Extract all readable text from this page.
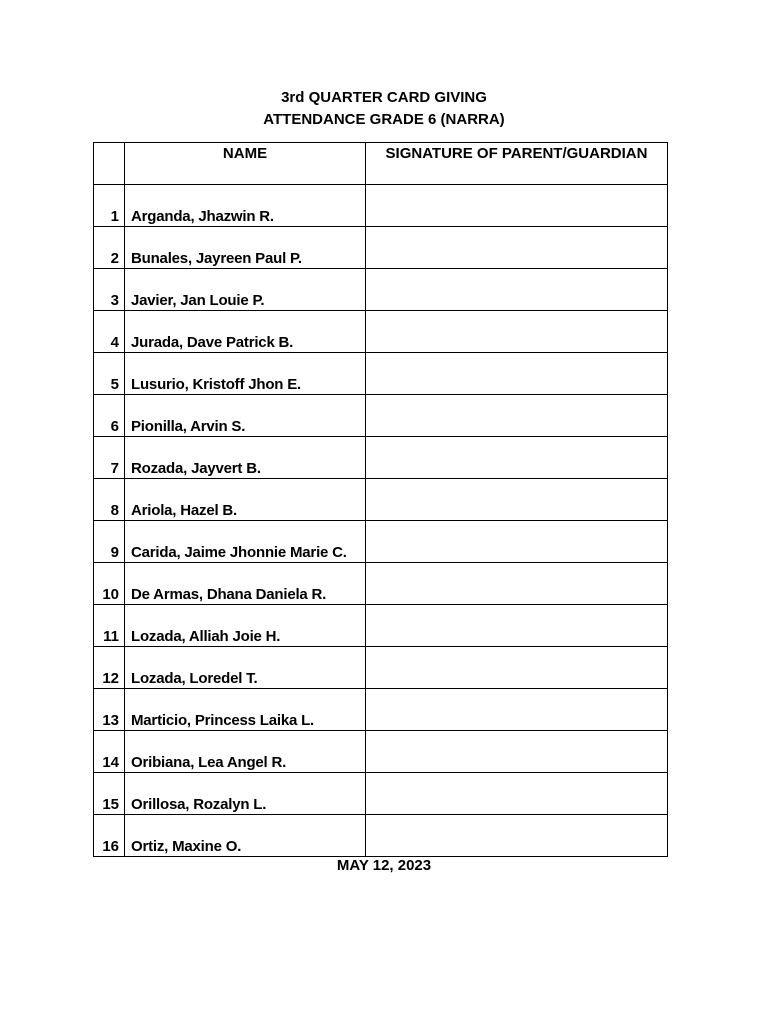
3rd QUARTER CARD GIVING
ATTENDANCE GRADE 6 (NARRA)
	NAME	SIGNATURE OF PARENT/GUARDIAN
1	Arganda, Jhazwin R.	
2	Bunales, Jayreen Paul P.	
3	Javier, Jan Louie P.	
4	Jurada, Dave Patrick B.	
5	Lusurio, Kristoff Jhon E.	
6	Pionilla, Arvin S.	
7	Rozada, Jayvert B.	
8	Ariola, Hazel B.	
9	Carida, Jaime Jhonnie Marie C.	
10	De Armas, Dhana Daniela R.	
11	Lozada, Alliah Joie H.	
12	Lozada, Loredel T.	
13	Marticio, Princess Laika L.	
14	Oribiana, Lea Angel R.	
15	Orillosa, Rozalyn L.	
16	Ortiz, Maxine O.	
MAY 12, 2023
